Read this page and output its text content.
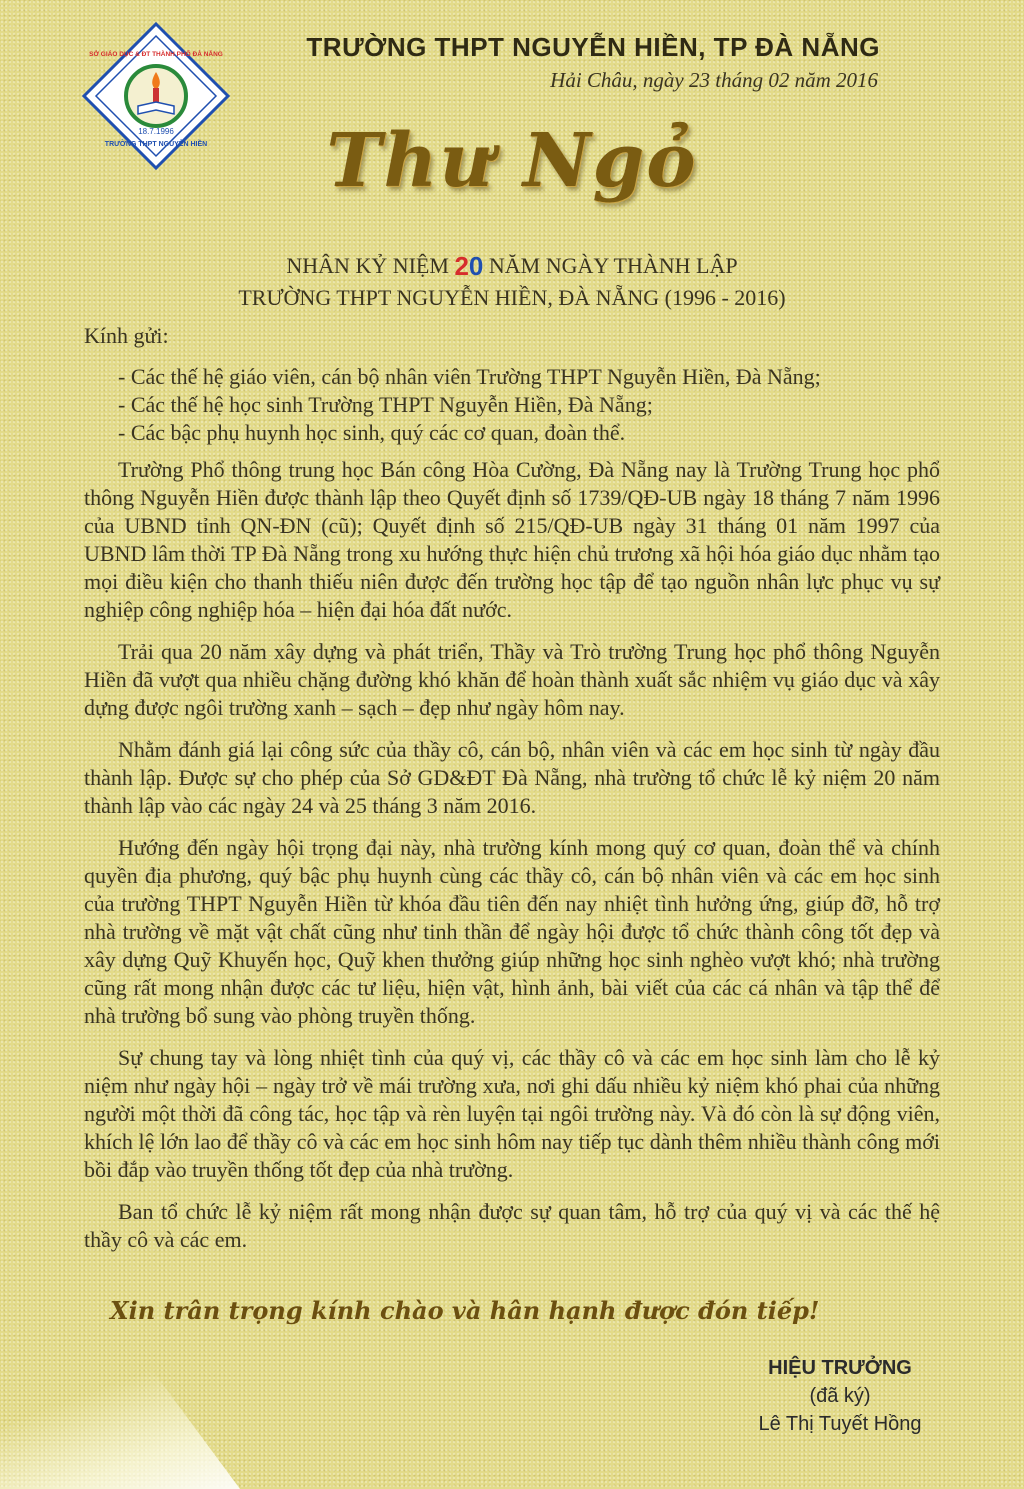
18.7.1996
SỞ GIÁO DỤC & ĐT THÀNH PHỐ ĐÀ NẴNG
TRƯỜNG THPT NGUYỄN HIỀN
TRƯỜNG THPT NGUYỄN HIỀN, TP ĐÀ NẴNG
Hải Châu, ngày 23 tháng 02 năm 2016
Thư Ngỏ
NHÂN KỶ NIỆM 20 NĂM NGÀY THÀNH LẬP
TRƯỜNG THPT NGUYỄN HIỀN, ĐÀ NẴNG (1996 - 2016)
Kính gửi:
- Các thế hệ giáo viên, cán bộ nhân viên Trường THPT Nguyễn Hiền, Đà Nẵng;
- Các thế hệ học sinh Trường THPT Nguyễn Hiền, Đà Nẵng;
- Các bậc phụ huynh học sinh, quý các cơ quan, đoàn thể.

Trường Phổ thông trung học Bán công Hòa Cường, Đà Nẵng nay là Trường Trung học phổ thông Nguyễn Hiền được thành lập theo Quyết định số 1739/QĐ-UB ngày 18 tháng 7 năm 1996 của UBND tỉnh QN-ĐN (cũ); Quyết định số 215/QĐ-UB ngày 31 tháng 01 năm 1997 của UBND lâm thời TP Đà Nẵng trong xu hướng thực hiện chủ trương xã hội hóa giáo dục nhằm tạo mọi điều kiện cho thanh thiếu niên được đến trường học tập để tạo nguồn nhân lực phục vụ sự nghiệp công nghiệp hóa – hiện đại hóa đất nước.

Trải qua 20 năm xây dựng và phát triển, Thầy và Trò trường Trung học phổ thông Nguyễn Hiền đã vượt qua nhiều chặng đường khó khăn để hoàn thành xuất sắc nhiệm vụ giáo dục và xây dựng được ngôi trường xanh – sạch – đẹp như ngày hôm nay.

Nhằm đánh giá lại công sức của thầy cô, cán bộ, nhân viên và các em học sinh từ ngày đầu thành lập. Được sự cho phép của Sở GD&ĐT Đà Nẵng, nhà trường tổ chức lễ kỷ niệm 20 năm thành lập vào các ngày 24 và 25 tháng 3 năm 2016.

Hướng đến ngày hội trọng đại này, nhà trường kính mong quý cơ quan, đoàn thể và chính quyền địa phương, quý bậc phụ huynh cùng các thầy cô, cán bộ nhân viên và các em học sinh của trường THPT Nguyễn Hiền từ khóa đầu tiên đến nay nhiệt tình hưởng ứng, giúp đỡ, hỗ trợ nhà trường về mặt vật chất cũng như tinh thần để ngày hội được tổ chức thành công tốt đẹp và xây dựng Quỹ Khuyến học, Quỹ khen thưởng giúp những học sinh nghèo vượt khó; nhà trường cũng rất mong nhận được các tư liệu, hiện vật, hình ảnh, bài viết của các cá nhân và tập thể để nhà trường bổ sung vào phòng truyền thống.

Sự chung tay và lòng nhiệt tình của quý vị, các thầy cô và các em học sinh làm cho lễ kỷ niệm như ngày hội – ngày trở về mái trường xưa, nơi ghi dấu nhiều kỷ niệm khó phai của những người một thời đã công tác, học tập và rèn luyện tại ngôi trường này. Và đó còn là sự động viên, khích lệ lớn lao để thầy cô và các em học sinh hôm nay tiếp tục dành thêm nhiều thành công mới bồi đắp vào truyền thống tốt đẹp của nhà trường.

Ban tổ chức lễ kỷ niệm rất mong nhận được sự quan tâm, hỗ trợ của quý vị và các thế hệ thầy cô và các em.

Xin trân trọng kính chào và hân hạnh được đón tiếp!
HIỆU TRƯỞNG
(đã ký)
Lê Thị Tuyết Hồng
